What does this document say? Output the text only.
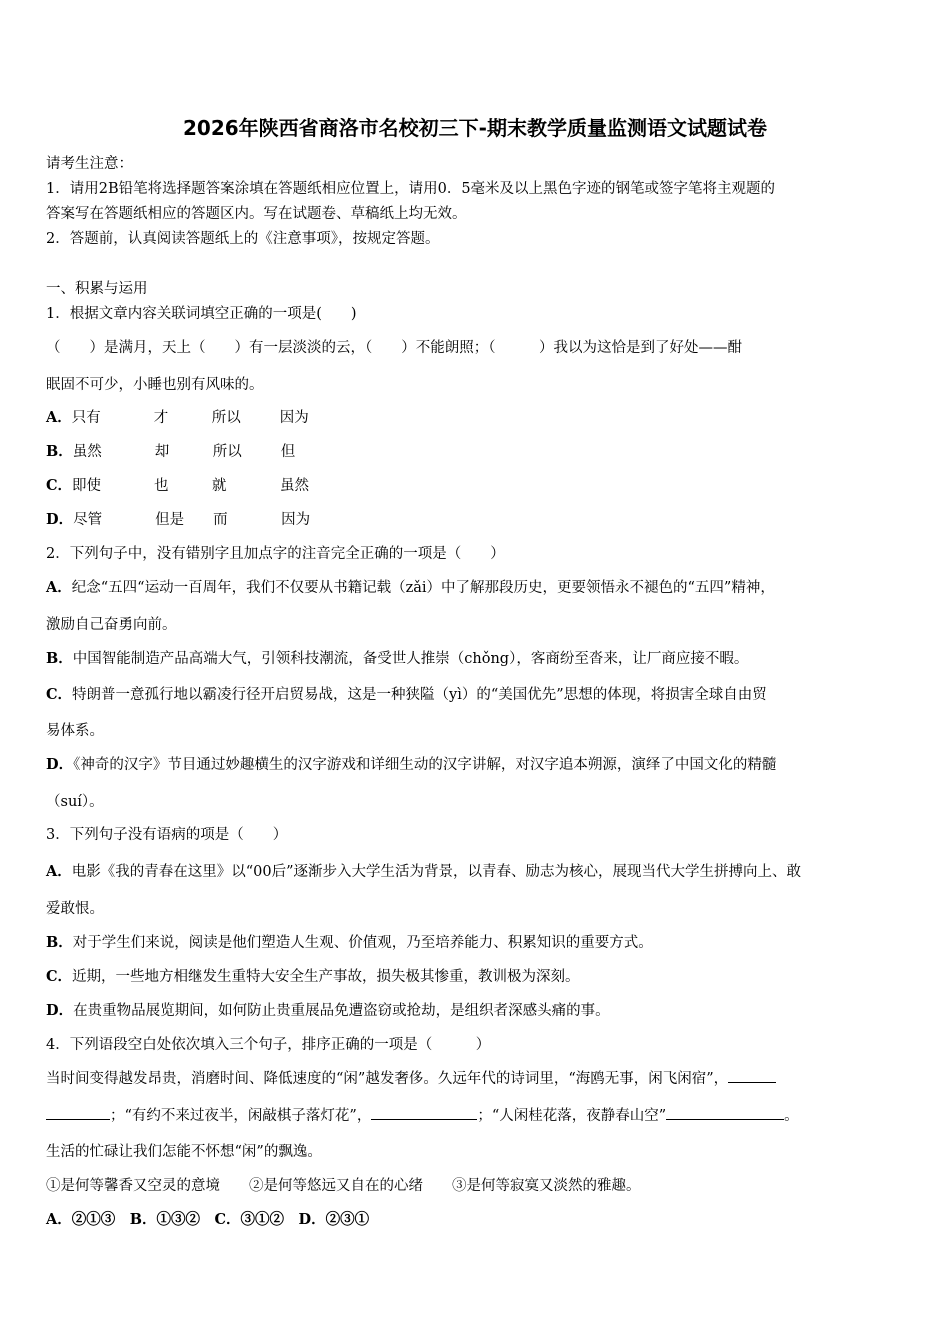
2026年陕西省商洛市名校初三下-期末教学质量监测语文试题试卷
请考生注意：
1．请用2B铅笔将选择题答案涂填在答题纸相应位置上，请用0．5毫米及以上黑色字迹的钢笔或签字笔将主观题的
答案写在答题纸相应的答题区内。写在试题卷、草稿纸上均无效。
2．答题前，认真阅读答题纸上的《注意事项》，按规定答题。
一、积累与运用
1．根据文章内容关联词填空正确的一项是(　　)
（　　）是满月，天上（　　）有一层淡淡的云，（　　）不能朗照；（　　　）我以为这恰是到了好处——酣
眠固不可少，小睡也别有风味的。
A．只有	才	所以	因为
B．虽然	却	所以	但
C．即使	也	就	虽然
D．尽管	但是 而	因为
2．下列句子中，没有错别字且加点字的注音完全正确的一项是（　　）
A．纪念“五四“运动一百周年，我们不仅要从书籍记载（zǎi）中了解那段历史，更要领悟永不褪色的“五四”精神，
激励自己奋勇向前。
B．中国智能制造产品高端大气，引领科技潮流，备受世人推崇（chǒng），客商纷至沓来，让厂商应接不暇。
C．特朗普一意孤行地以霸凌行径开启贸易战，这是一种狭隘（yì）的“美国优先”思想的体现，将损害全球自由贸
易体系。
D．《神奇的汉字》节目通过妙趣横生的汉字游戏和详细生动的汉字讲解，对汉字追本朔源，演绎了中国文化的精髓
（suí）。
3．下列句子没有语病的项是（　　）
A．电影《我的青春在这里》以“00后”逐渐步入大学生活为背景，以青春、励志为核心，展现当代大学生拼搏向上、敢
爱敢恨。
B．对于学生们来说，阅读是他们塑造人生观、价值观，乃至培养能力、积累知识的重要方式。
C．近期，一些地方相继发生重特大安全生产事故，损失极其惨重，教训极为深刻。
D．在贵重物品展览期间，如何防止贵重展品免遭盗窃或抢劫，是组织者深感头痛的事。
4．下列语段空白处依次填入三个句子，排序正确的一项是（　　　）
当时间变得越发昂贵，消磨时间、降低速度的“闲”越发奢侈。久远年代的诗词里，“海鸥无事，闲飞闲宿”，
；“有约不来过夜半，闲敲棋子落灯花”，	；“人闲桂花落，夜静春山空”	。
生活的忙碌让我们怎能不怀想“闲”的飘逸。
①是何等馨香又空灵的意境　　②是何等悠远又自在的心绪　　③是何等寂寞又淡然的雅趣。
A．②①③　B．①③②　C．③①②　D．②③①
